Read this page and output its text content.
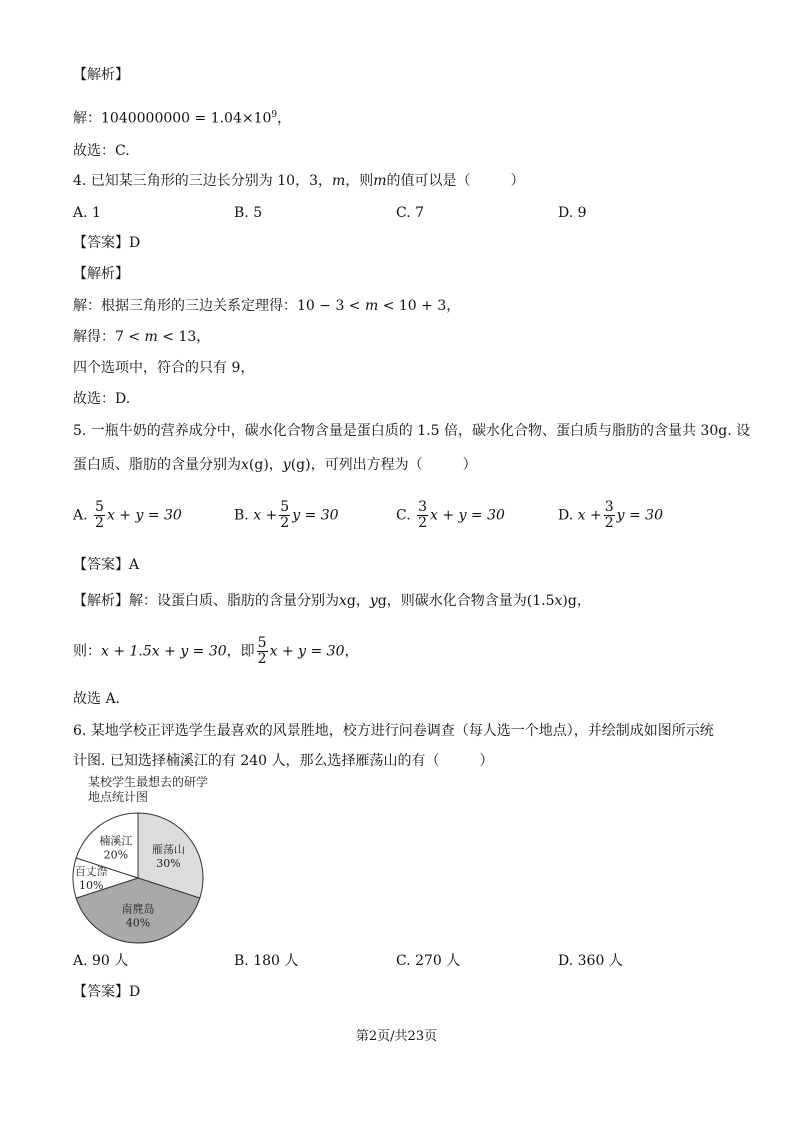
【解析】
解：$1040000000 = 1.04\times 10^9$，
故选：C.
4. 已知某三角形的三边长分别为 10，3，m，则m的值可以是（	）
A. 1	B. 5	C. 7	D. 9
【答案】D
【解析】
解：根据三角形的三边关系定理得：10 − 3 < m < 10 + 3，
解得：7 < m < 13，
四个选项中，符合的只有 9，
故选：D.
5. 一瓶牛奶的营养成分中，碳水化合物含量是蛋白质的 1.5 倍，碳水化合物、蛋白质与脂肪的含量共 30g. 设
蛋白质、脂肪的含量分别为x(g)，y(g)，可列出方程为（	）
A. $\frac{5}{2}$ x + y = 30	B. $x + \frac{5}{2}$ y = 30	C. $\frac{3}{2}$ x + y = 30	D. $x + \frac{3}{2}$ y = 30
【答案】A
【解析】解：设蛋白质、脂肪的含量分别为xg，yg，则碳水化合物含量为(1.5x)g，
则：x + 1.5x + y = 30，即 $\frac{5}{2}$ x + y = 30，
故选 A.
6. 某地学校正评选学生最喜欢的风景胜地，校方进行问卷调查（每人选一个地点），并绘制成如图所示统
计图. 已知选择楠溪江的有 240 人，那么选择雁荡山的有（	）
某校学生最想去的研学
地点统计图
雁荡山
30%
南麂岛
40%
百丈漈
10%
楠溪江
20%
A. 90 人	B. 180 人	C. 270 人	D. 360 人
【答案】D
第2页/共23页
